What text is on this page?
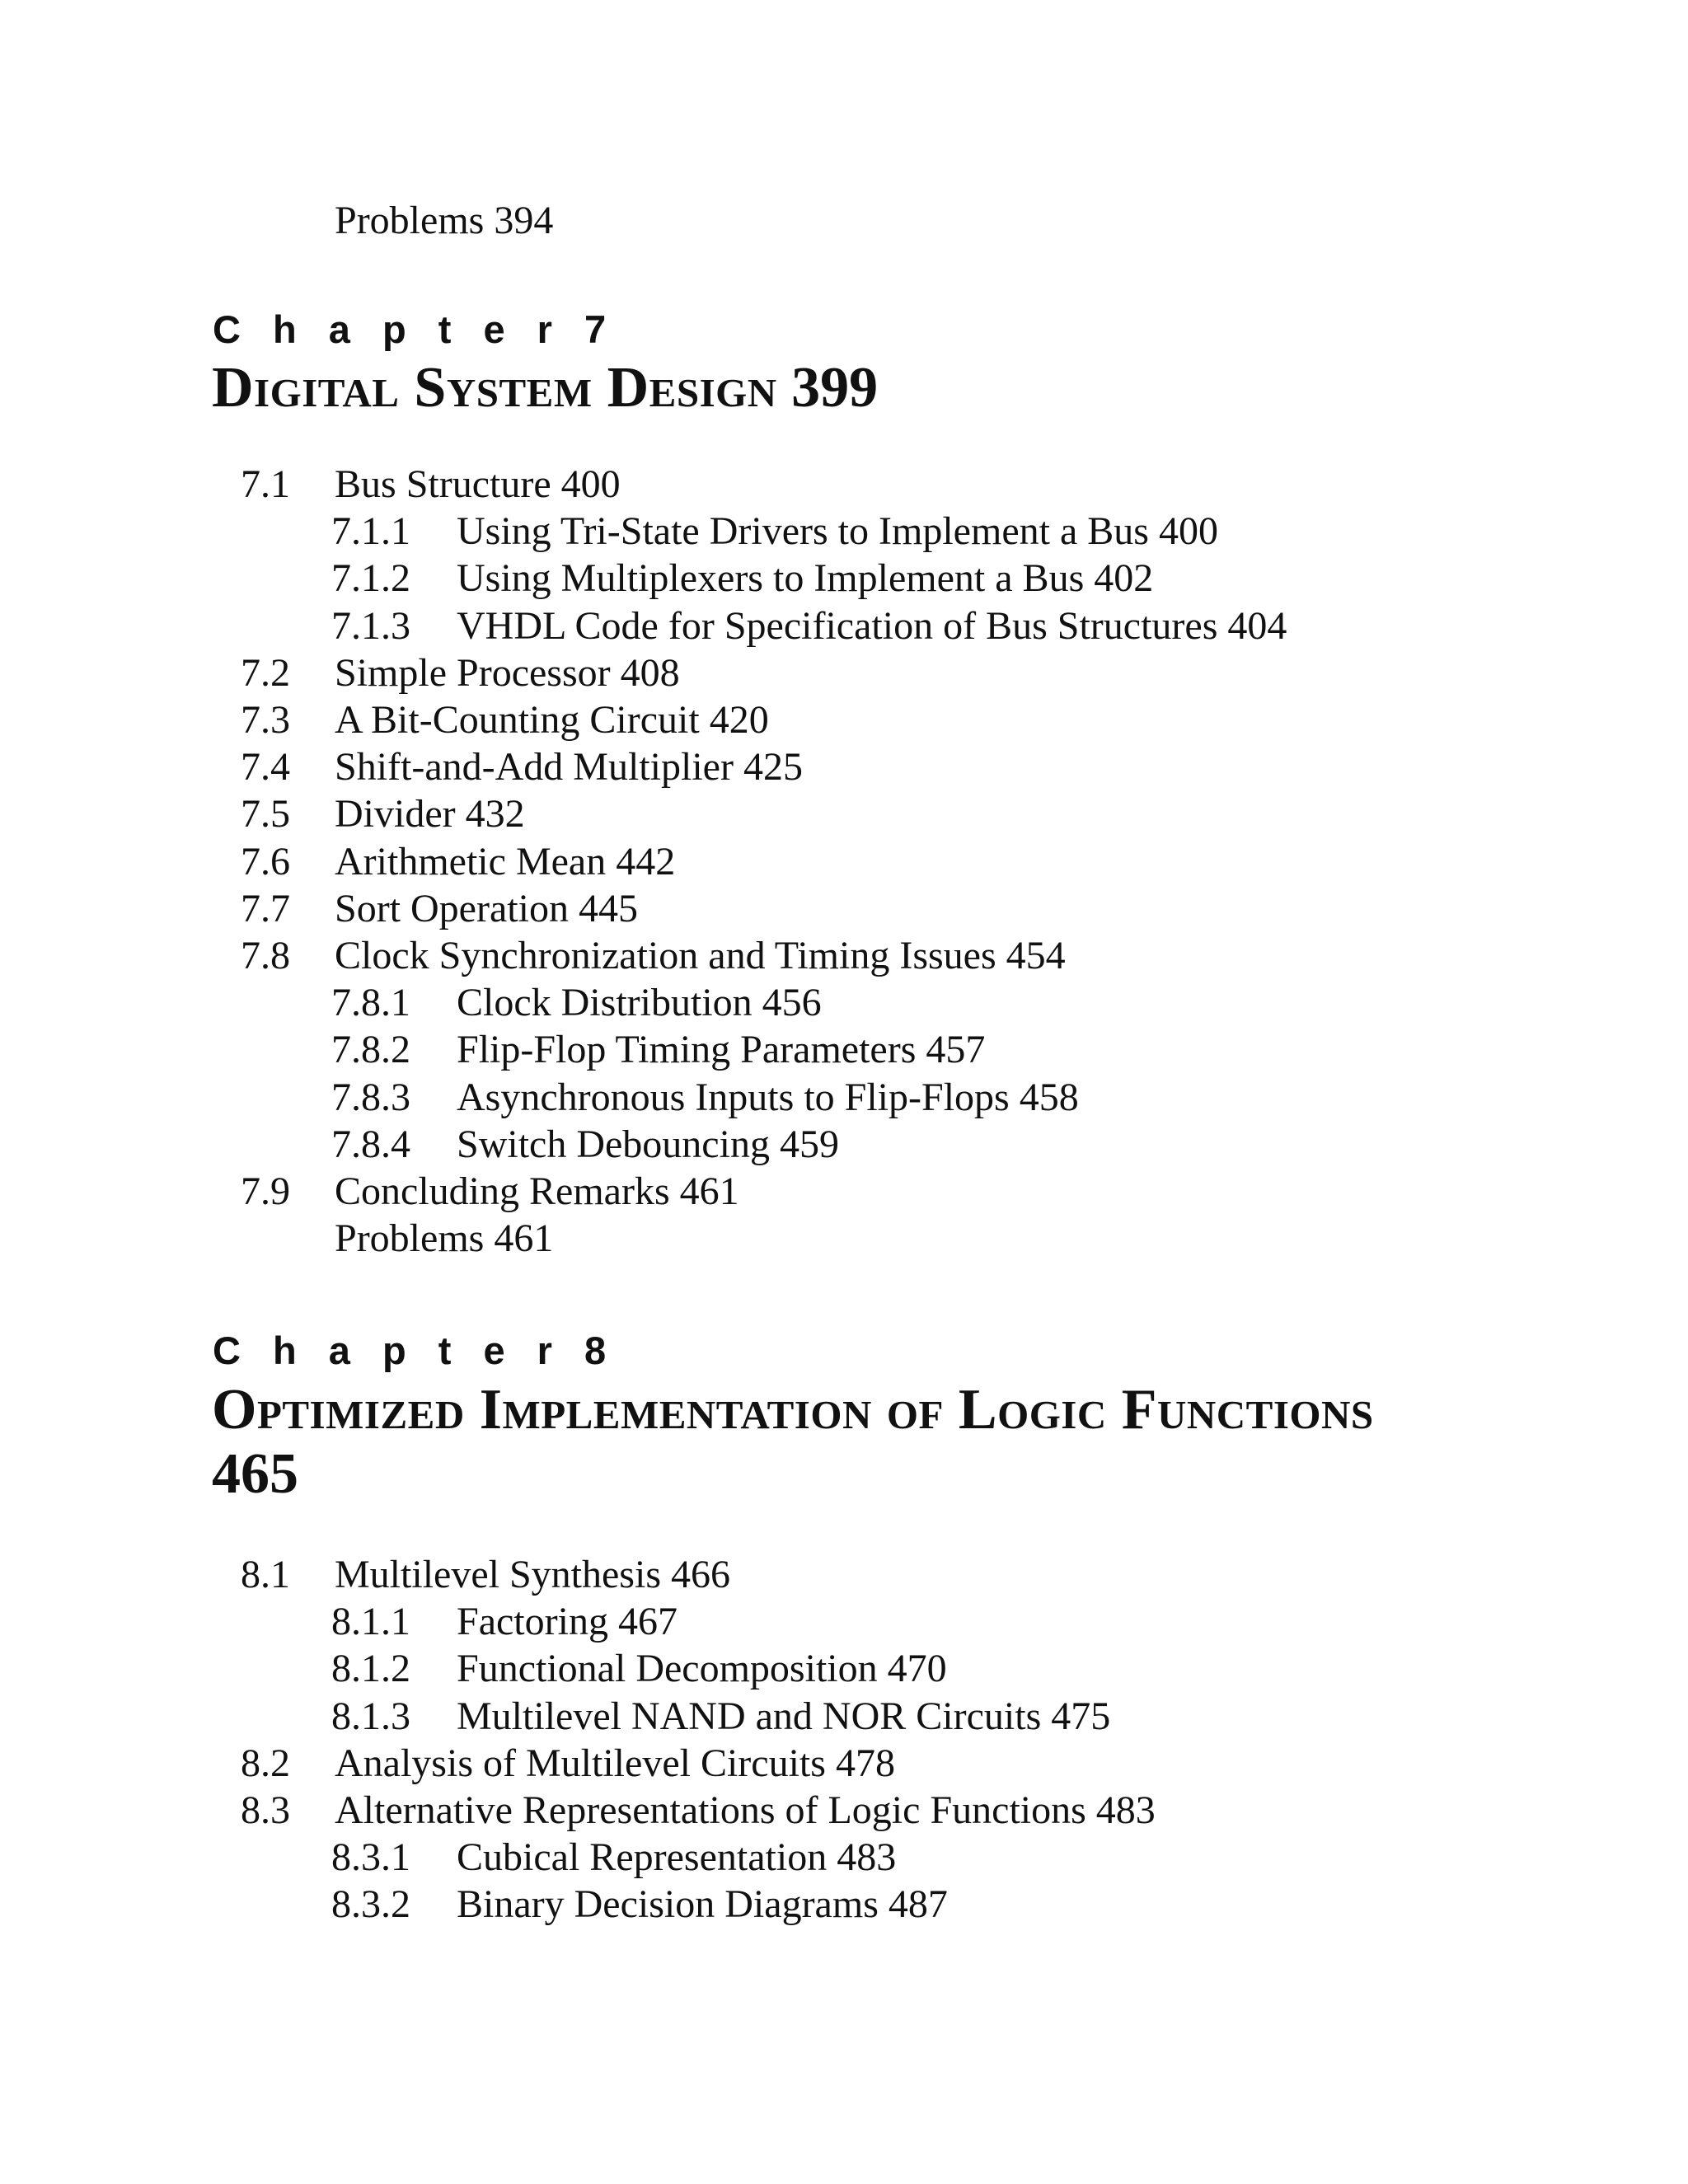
Problems 394
C h a p t e r 7
Digital System Design 399
7.1 Bus Structure 400
7.1.1 Using Tri-State Drivers to Implement a Bus 400
7.1.2 Using Multiplexers to Implement a Bus 402
7.1.3 VHDL Code for Specification of Bus Structures 404
7.2 Simple Processor 408
7.3 A Bit-Counting Circuit 420
7.4 Shift-and-Add Multiplier 425
7.5 Divider 432
7.6 Arithmetic Mean 442
7.7 Sort Operation 445
7.8 Clock Synchronization and Timing Issues 454
7.8.1 Clock Distribution 456
7.8.2 Flip-Flop Timing Parameters 457
7.8.3 Asynchronous Inputs to Flip-Flops 458
7.8.4 Switch Debouncing 459
7.9 Concluding Remarks 461
Problems 461
C h a p t e r 8
Optimized Implementation of Logic Functions
465
8.1 Multilevel Synthesis 466
8.1.1 Factoring 467
8.1.2 Functional Decomposition 470
8.1.3 Multilevel NAND and NOR Circuits 475
8.2 Analysis of Multilevel Circuits 478
8.3 Alternative Representations of Logic Functions 483
8.3.1 Cubical Representation 483
8.3.2 Binary Decision Diagrams 487
